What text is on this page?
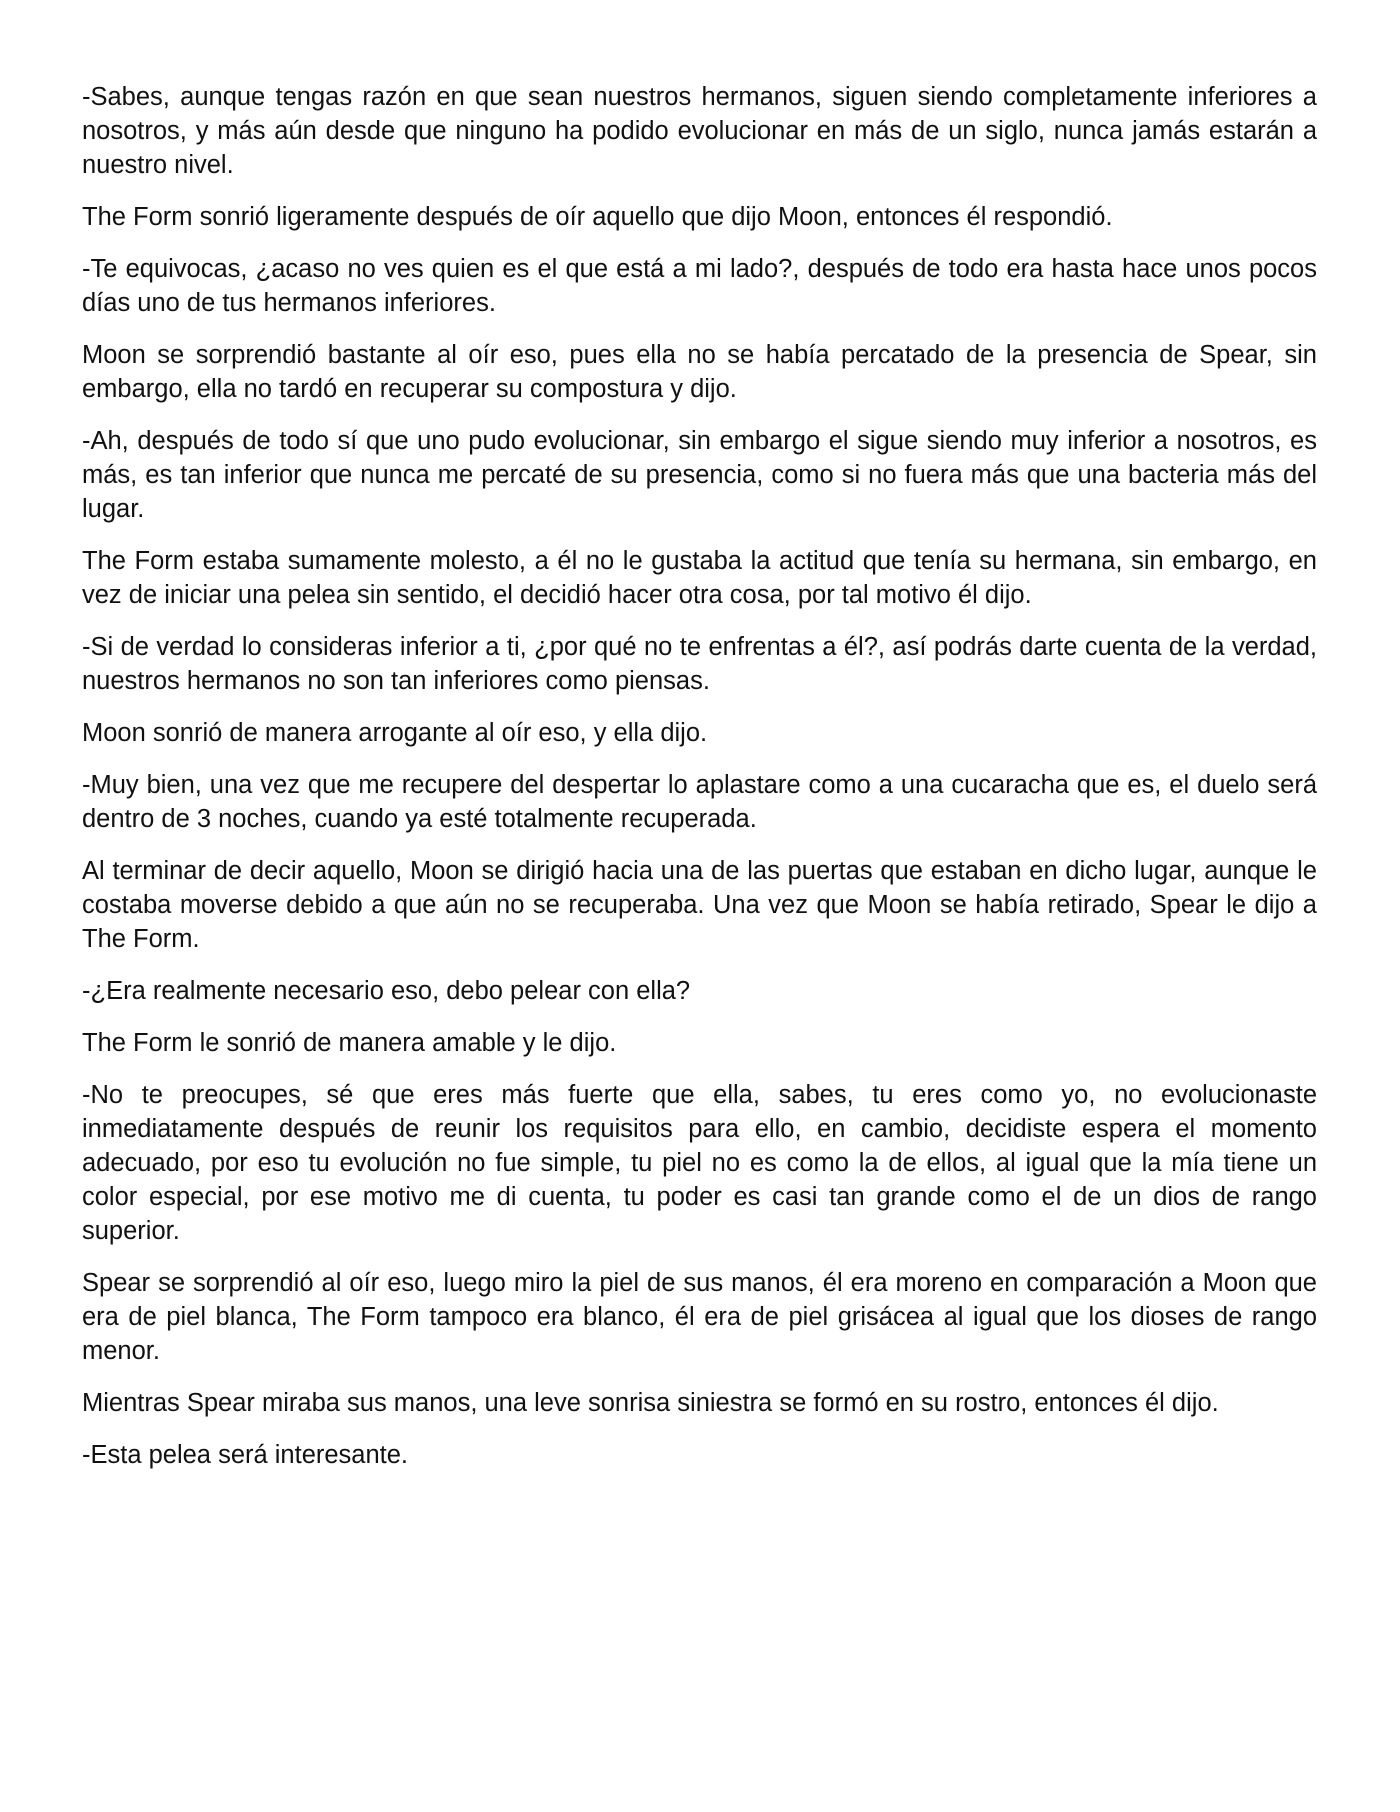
-Sabes, aunque tengas razón en que sean nuestros hermanos, siguen siendo completamente inferiores a nosotros, y más aún desde que ninguno ha podido evolucionar en más de un siglo, nunca jamás estarán a nuestro nivel.

The Form sonrió ligeramente después de oír aquello que dijo Moon, entonces él respondió.

-Te equivocas, ¿acaso no ves quien es el que está a mi lado?, después de todo era hasta hace unos pocos días uno de tus hermanos inferiores.

Moon se sorprendió bastante al oír eso, pues ella no se había percatado de la presencia de Spear, sin embargo, ella no tardó en recuperar su compostura y dijo.

-Ah, después de todo sí que uno pudo evolucionar, sin embargo el sigue siendo muy inferior a nosotros, es más, es tan inferior que nunca me percaté de su presencia, como si no fuera más que una bacteria más del lugar.

The Form estaba sumamente molesto, a él no le gustaba la actitud que tenía su hermana, sin embargo, en vez de iniciar una pelea sin sentido, el decidió hacer otra cosa, por tal motivo él dijo.

-Si de verdad lo consideras inferior a ti, ¿por qué no te enfrentas a él?, así podrás darte cuenta de la verdad, nuestros hermanos no son tan inferiores como piensas.

Moon sonrió de manera arrogante al oír eso, y ella dijo.

-Muy bien, una vez que me recupere del despertar lo aplastare como a una cucaracha que es, el duelo será dentro de 3 noches, cuando ya esté totalmente recuperada.

Al terminar de decir aquello, Moon se dirigió hacia una de las puertas que estaban en dicho lugar, aunque le costaba moverse debido a que aún no se recuperaba. Una vez que Moon se había retirado, Spear le dijo a The Form.

-¿Era realmente necesario eso, debo pelear con ella?

The Form le sonrió de manera amable y le dijo.

-No te preocupes, sé que eres más fuerte que ella, sabes, tu eres como yo, no evolucionaste inmediatamente después de reunir los requisitos para ello, en cambio, decidiste espera el momento adecuado, por eso tu evolución no fue simple, tu piel no es como la de ellos, al igual que la mía tiene un color especial, por ese motivo me di cuenta, tu poder es casi tan grande como el de un dios de rango superior.

Spear se sorprendió al oír eso, luego miro la piel de sus manos, él era moreno en comparación a Moon que era de piel blanca, The Form tampoco era blanco, él era de piel grisácea al igual que los dioses de rango menor.

Mientras Spear miraba sus manos, una leve sonrisa siniestra se formó en su rostro, entonces él dijo.

-Esta pelea será interesante.
